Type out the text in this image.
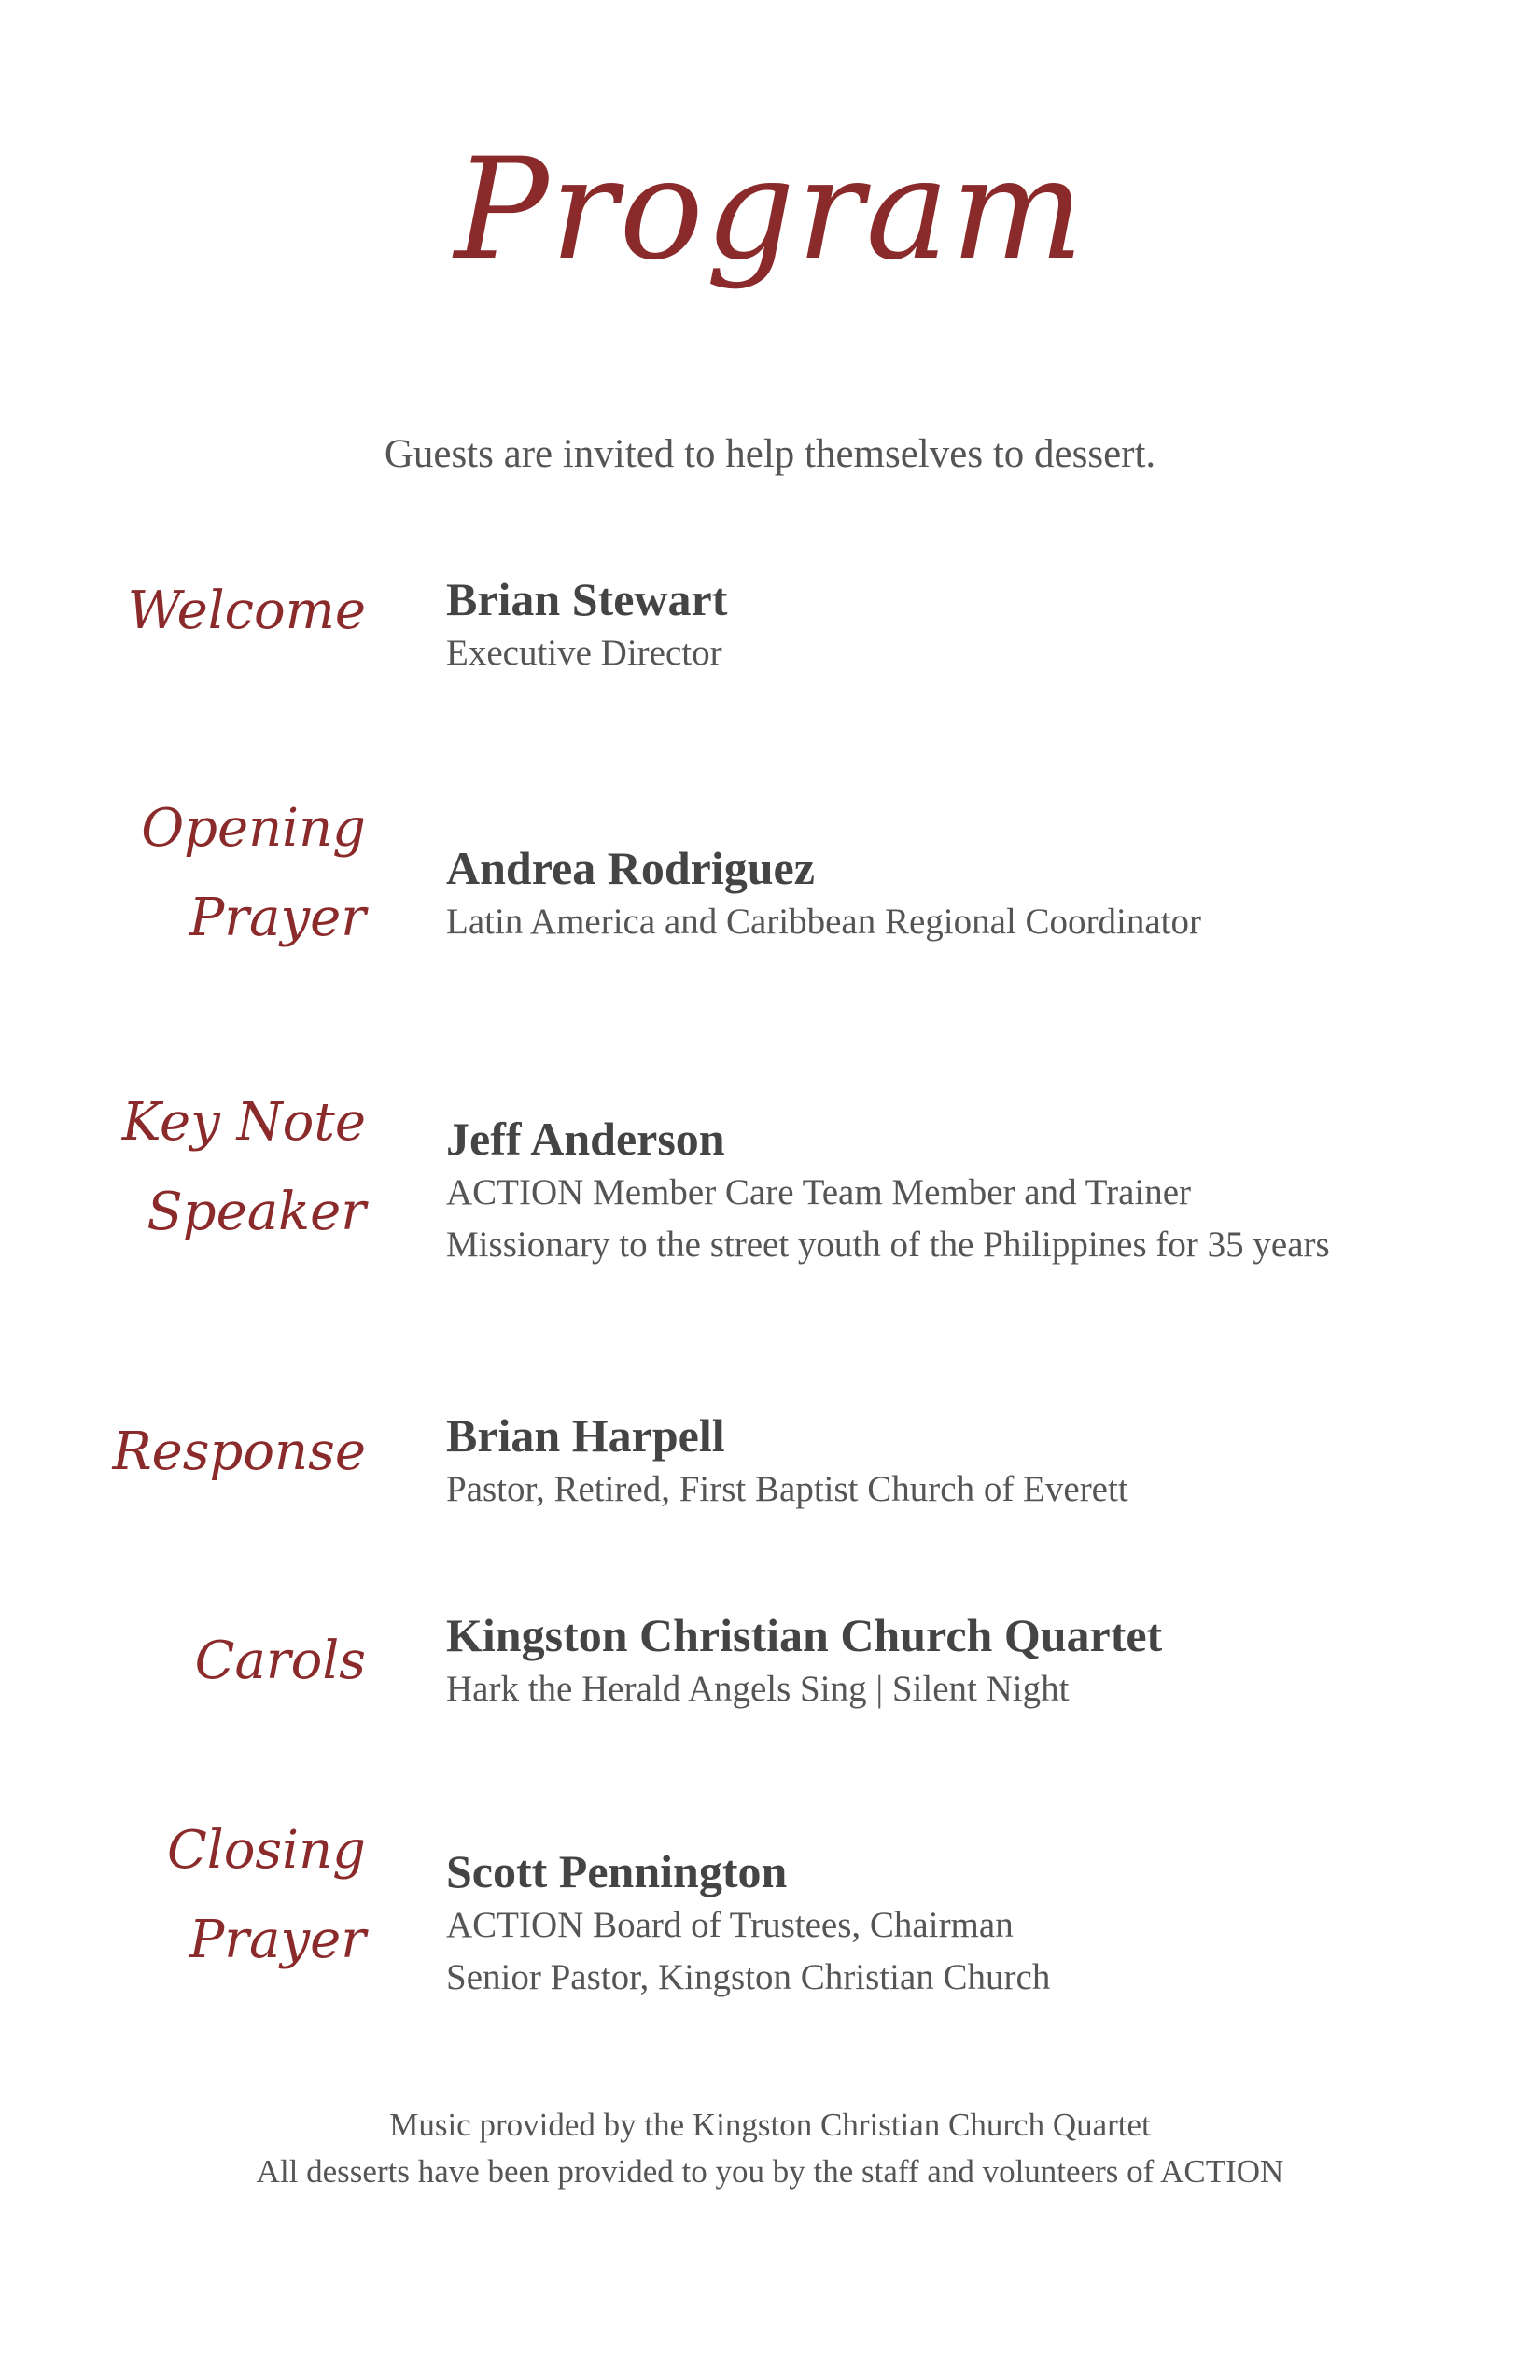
Program
Guests are invited to help themselves to dessert.
Welcome Brian Stewart
Executive Director
Opening
Prayer
Andrea Rodriguez
Latin America and Caribbean Regional Coordinator
Key Note
Speaker
Jeff Anderson
ACTION Member Care Team Member and Trainer
Missionary to the street youth of the Philippines for 35 years
Response Brian Harpell
Pastor, Retired, First Baptist Church of Everett
Carols Kingston Christian Church Quartet
Hark the Herald Angels Sing | Silent Night
Closing
Prayer
Scott Pennington
ACTION Board of Trustees, Chairman
Senior Pastor, Kingston Christian Church
Music provided by the Kingston Christian Church Quartet
All desserts have been provided to you by the staff and volunteers of ACTION
